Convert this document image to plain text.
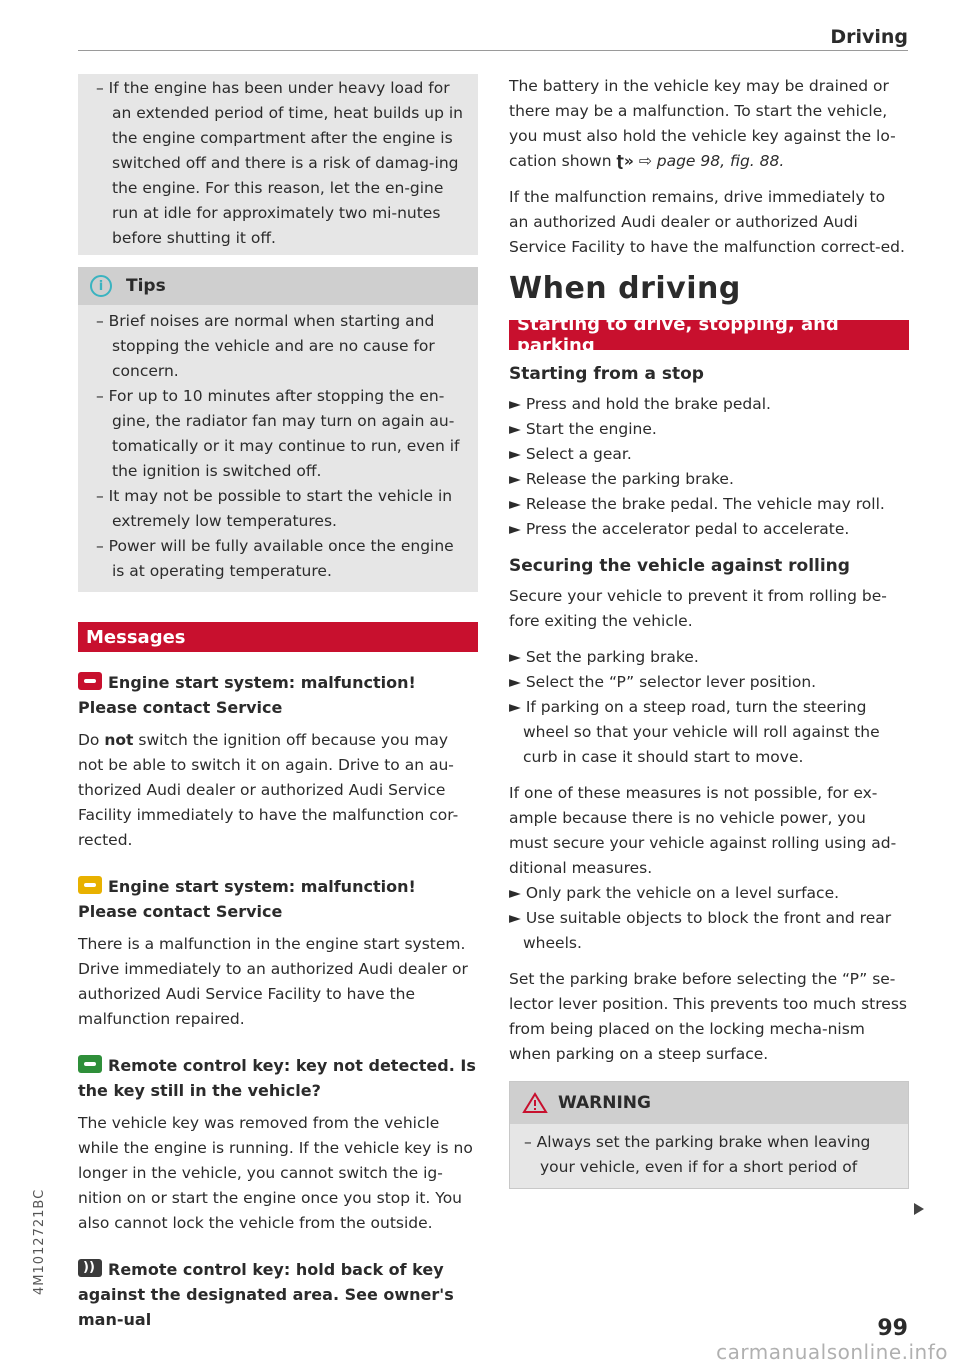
Driving
– If the engine has been under heavy load for an extended period of time, heat builds up in the engine compartment after the engine is switched off and there is a risk of damag-ing the engine. For this reason, let the en-gine run at idle for approximately two mi-nutes before shutting it off.
i	Tips
– Brief noises are normal when starting and stopping the vehicle and are no cause for concern.
– For up to 10 minutes after stopping the en-gine, the radiator fan may turn on again au-tomatically or it may continue to run, even if the ignition is switched off.
– It may not be possible to start the vehicle in extremely low temperatures.
– Power will be fully available once the engine is at operating temperature.
Messages
Engine start system: malfunction! Please contact Service

Do not switch the ignition off because you may not be able to switch it on again. Drive to an au-thorized Audi dealer or authorized Audi Service Facility immediately to have the malfunction cor-rected.

Engine start system: malfunction! Please contact Service

There is a malfunction in the engine start system. Drive immediately to an authorized Audi dealer or authorized Audi Service Facility to have the malfunction repaired.

Remote control key: key not detected. Is the key still in the vehicle?

The vehicle key was removed from the vehicle while the engine is running. If the vehicle key is no longer in the vehicle, you cannot switch the ig-nition on or start the engine once you stop it. You also cannot lock the vehicle from the outside.

)) Remote control key: hold back of key against the designated area. See owner's man-ual

The battery in the vehicle key may be drained or there may be a malfunction. To start the vehicle, you must also hold the vehicle key against the lo-cation shown ʈ» ⇨ page 98, fig. 88.

If the malfunction remains, drive immediately to an authorized Audi dealer or authorized Audi Service Facility to have the malfunction correct-ed.

When driving
Starting to drive, stopping, and parking
Starting from a stop
► Press and hold the brake pedal.
► Start the engine.
► Select a gear.
► Release the parking brake.
► Release the brake pedal. The vehicle may roll.
► Press the accelerator pedal to accelerate.
Securing the vehicle against rolling

Secure your vehicle to prevent it from rolling be-fore exiting the vehicle.

► Set the parking brake.
► Select the “P” selector lever position.
► If parking on a steep road, turn the steering wheel so that your vehicle will roll against the curb in case it should start to move.

If one of these measures is not possible, for ex-ample because there is no vehicle power, you must secure your vehicle against rolling using ad-ditional measures.

► Only park the vehicle on a level surface.
► Use suitable objects to block the front and rear wheels.

Set the parking brake before selecting the “P” se-lector lever position. This prevents too much stress from being placed on the locking mecha-nism when parking on a steep surface.

WARNING
– Always set the parking brake when leaving your vehicle, even if for a short period of
99
4M1012721BC
carmanualsonline.info
